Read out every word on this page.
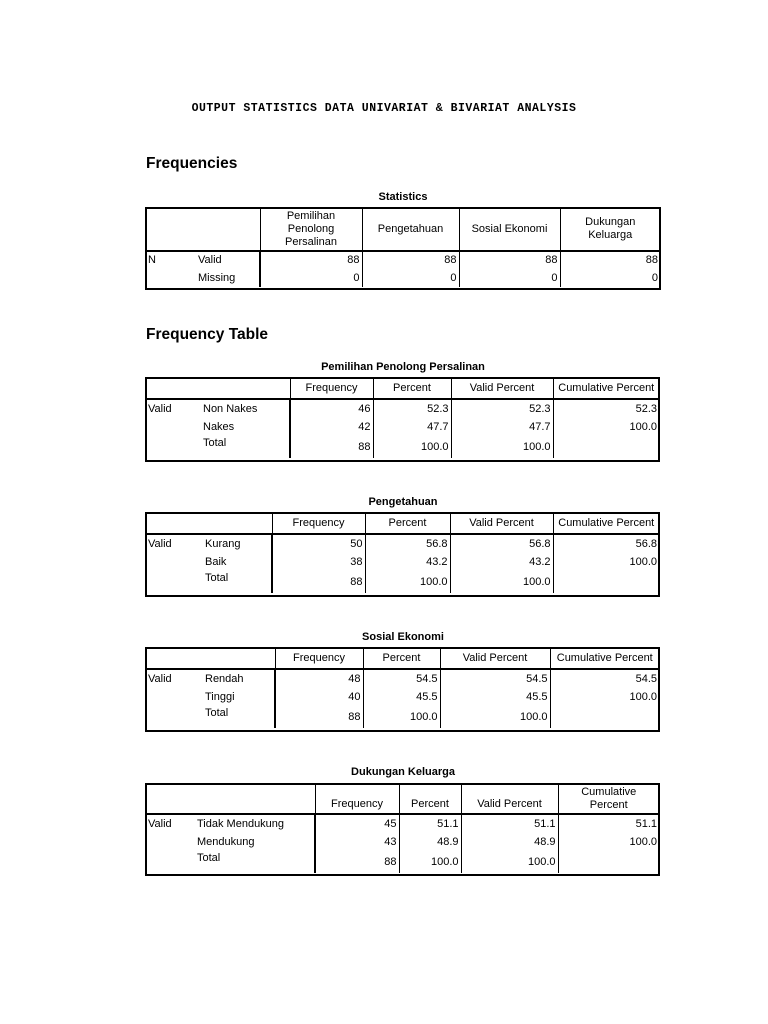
OUTPUT STATISTICS DATA UNIVARIAT & BIVARIAT ANALYSIS
Frequencies
Frequency Table
Statistics
		Pemilihan Penolong Persalinan	Pengetahuan	Sosial Ekonomi	Dukungan Keluarga
N	Valid	88	88	88	88
	Missing	0	0	0	0
Pemilihan Penolong Persalinan
		Frequency	Percent	Valid Percent	Cumulative Percent
Valid	Non Nakes	46	52.3	52.3	52.3
	Nakes	42	47.7	47.7	100.0
	Total	88	100.0	100.0	
Pengetahuan
		Frequency	Percent	Valid Percent	Cumulative Percent
Valid	Kurang	50	56.8	56.8	56.8
	Baik	38	43.2	43.2	100.0
	Total	88	100.0	100.0	
Sosial Ekonomi
		Frequency	Percent	Valid Percent	Cumulative Percent
Valid	Rendah	48	54.5	54.5	54.5
	Tinggi	40	45.5	45.5	100.0
	Total	88	100.0	100.0	
Dukungan Keluarga
		Frequency	Percent	Valid Percent	Cumulative Percent
Valid	Tidak Mendukung	45	51.1	51.1	51.1
	Mendukung	43	48.9	48.9	100.0
	Total	88	100.0	100.0	
